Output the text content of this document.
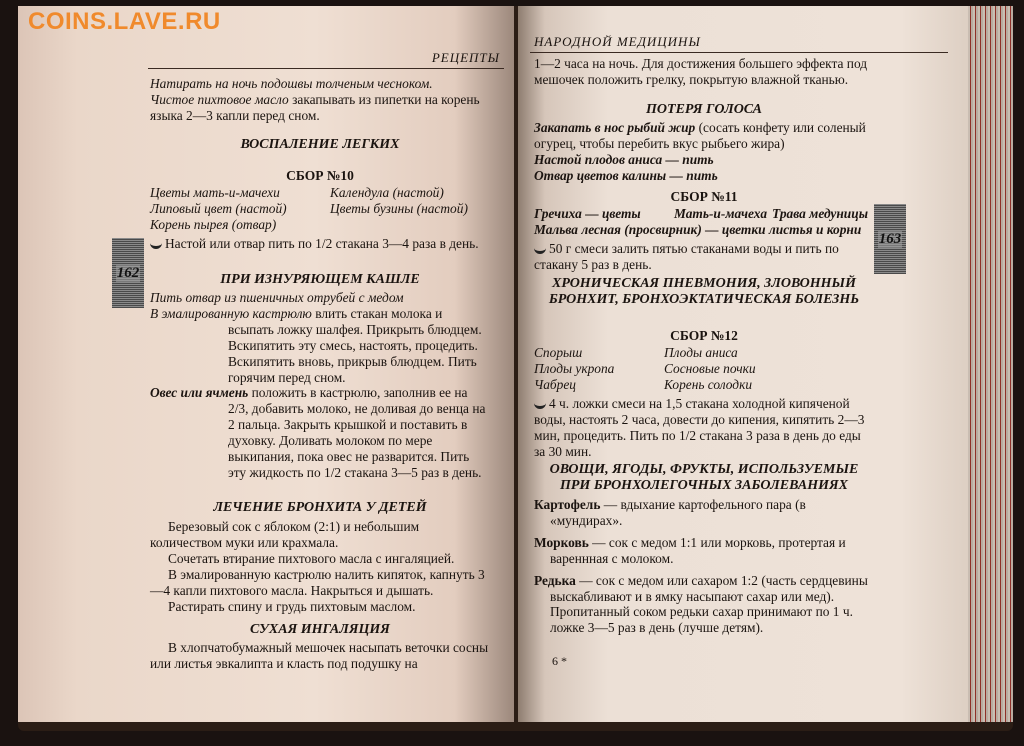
РЕЦЕПТЫ
162
Натирать на ночь подошвы толченым чесноком.
Чистое пихтовое масло закапывать из пипетки на корень языка 2—3 капли перед сном.
ВОСПАЛЕНИЕ ЛЕГКИХ
СБОР №10
Цветы мать-и-мачехи	Календула (настой)
Липовый цвет (настой)	Цветы бузины (настой)
Корень пырея (отвар)
Настой или отвар пить по 1/2 стакана 3—4 раза в день.
ПРИ ИЗНУРЯЮЩЕМ КАШЛЕ
Пить отвар из пшеничных отрубей с медом
В эмалированную кастрюлю влить стакан молока и всыпать ложку шалфея. Прикрыть блюдцем. Вскипятить эту смесь, настоять, процедить. Вскипятить вновь, прикрыв блюдцем. Пить горячим перед сном.
Овес или ячмень положить в кастрюлю, заполнив ее на 2/3, добавить молоко, не доливая до венца на 2 пальца. Закрыть крышкой и поставить в духовку. Доливать молоком по мере выкипания, пока овес не разварится. Пить эту жидкость по 1/2 стакана 3—5 раз в день.
ЛЕЧЕНИЕ БРОНХИТА У ДЕТЕЙ
Березовый сок с яблоком (2:1) и небольшим количеством муки или крахмала.
Сочетать втирание пихтового масла с ингаляцией.
В эмалированную кастрюлю налить кипяток, капнуть 3—4 капли пихтового масла. Накрыться и дышать.
Растирать спину и грудь пихтовым маслом.
СУХАЯ ИНГАЛЯЦИЯ
В хлопчатобумажный мешочек насыпать веточки сосны или листья эвкалипта и класть под подушку на
НАРОДНОЙ МЕДИЦИНЫ
163
1—2 часа на ночь. Для достижения большего эффекта под мешочек положить грелку, покрытую влажной тканью.
ПОТЕРЯ ГОЛОСА
Закапать в нос рыбий жир (сосать конфету или соленый огурец, чтобы перебить вкус рыбьего жира)
Настой плодов аниса — пить
Отвар цветов калины — пить
СБОР №11
Гречиха — цветы Мать-и-мачеха Трава медуницы
Мальва лесная (просвирник) — цветки листья и корни
50 г смеси залить пятью стаканами воды и пить по стакану 5 раз в день.
ХРОНИЧЕСКАЯ ПНЕВМОНИЯ, ЗЛОВОННЫЙ БРОНХИТ, БРОНХОЭКТАТИЧЕСКАЯ БОЛЕЗНЬ
СБОР №12
Спорыш	Плоды аниса
Плоды укропа	Сосновые почки
Чабрец	Корень солодки
4 ч. ложки смеси на 1,5 стакана холодной кипяченой воды, настоять 2 часа, довести до кипения, кипятить 2—3 мин, процедить. Пить по 1/2 стакана 3 раза в день до еды за 30 мин.
ОВОЩИ, ЯГОДЫ, ФРУКТЫ, ИСПОЛЬЗУЕМЫЕ ПРИ БРОНХОЛЕГОЧНЫХ ЗАБОЛЕВАНИЯХ
Картофель — вдыхание картофельного пара (в «мундирах».
Морковь — сок с медом 1:1 или морковь, протертая и вареннная с молоком.
Редька — сок с медом или сахаром 1:2 (часть сердцевины выскабливают и в ямку насыпают сахар или мед). Пропитанный соком редьки сахар принимают по 1 ч. ложке 3—5 раз в день (лучше детям).
6 *
COINS.LAVE.RU
